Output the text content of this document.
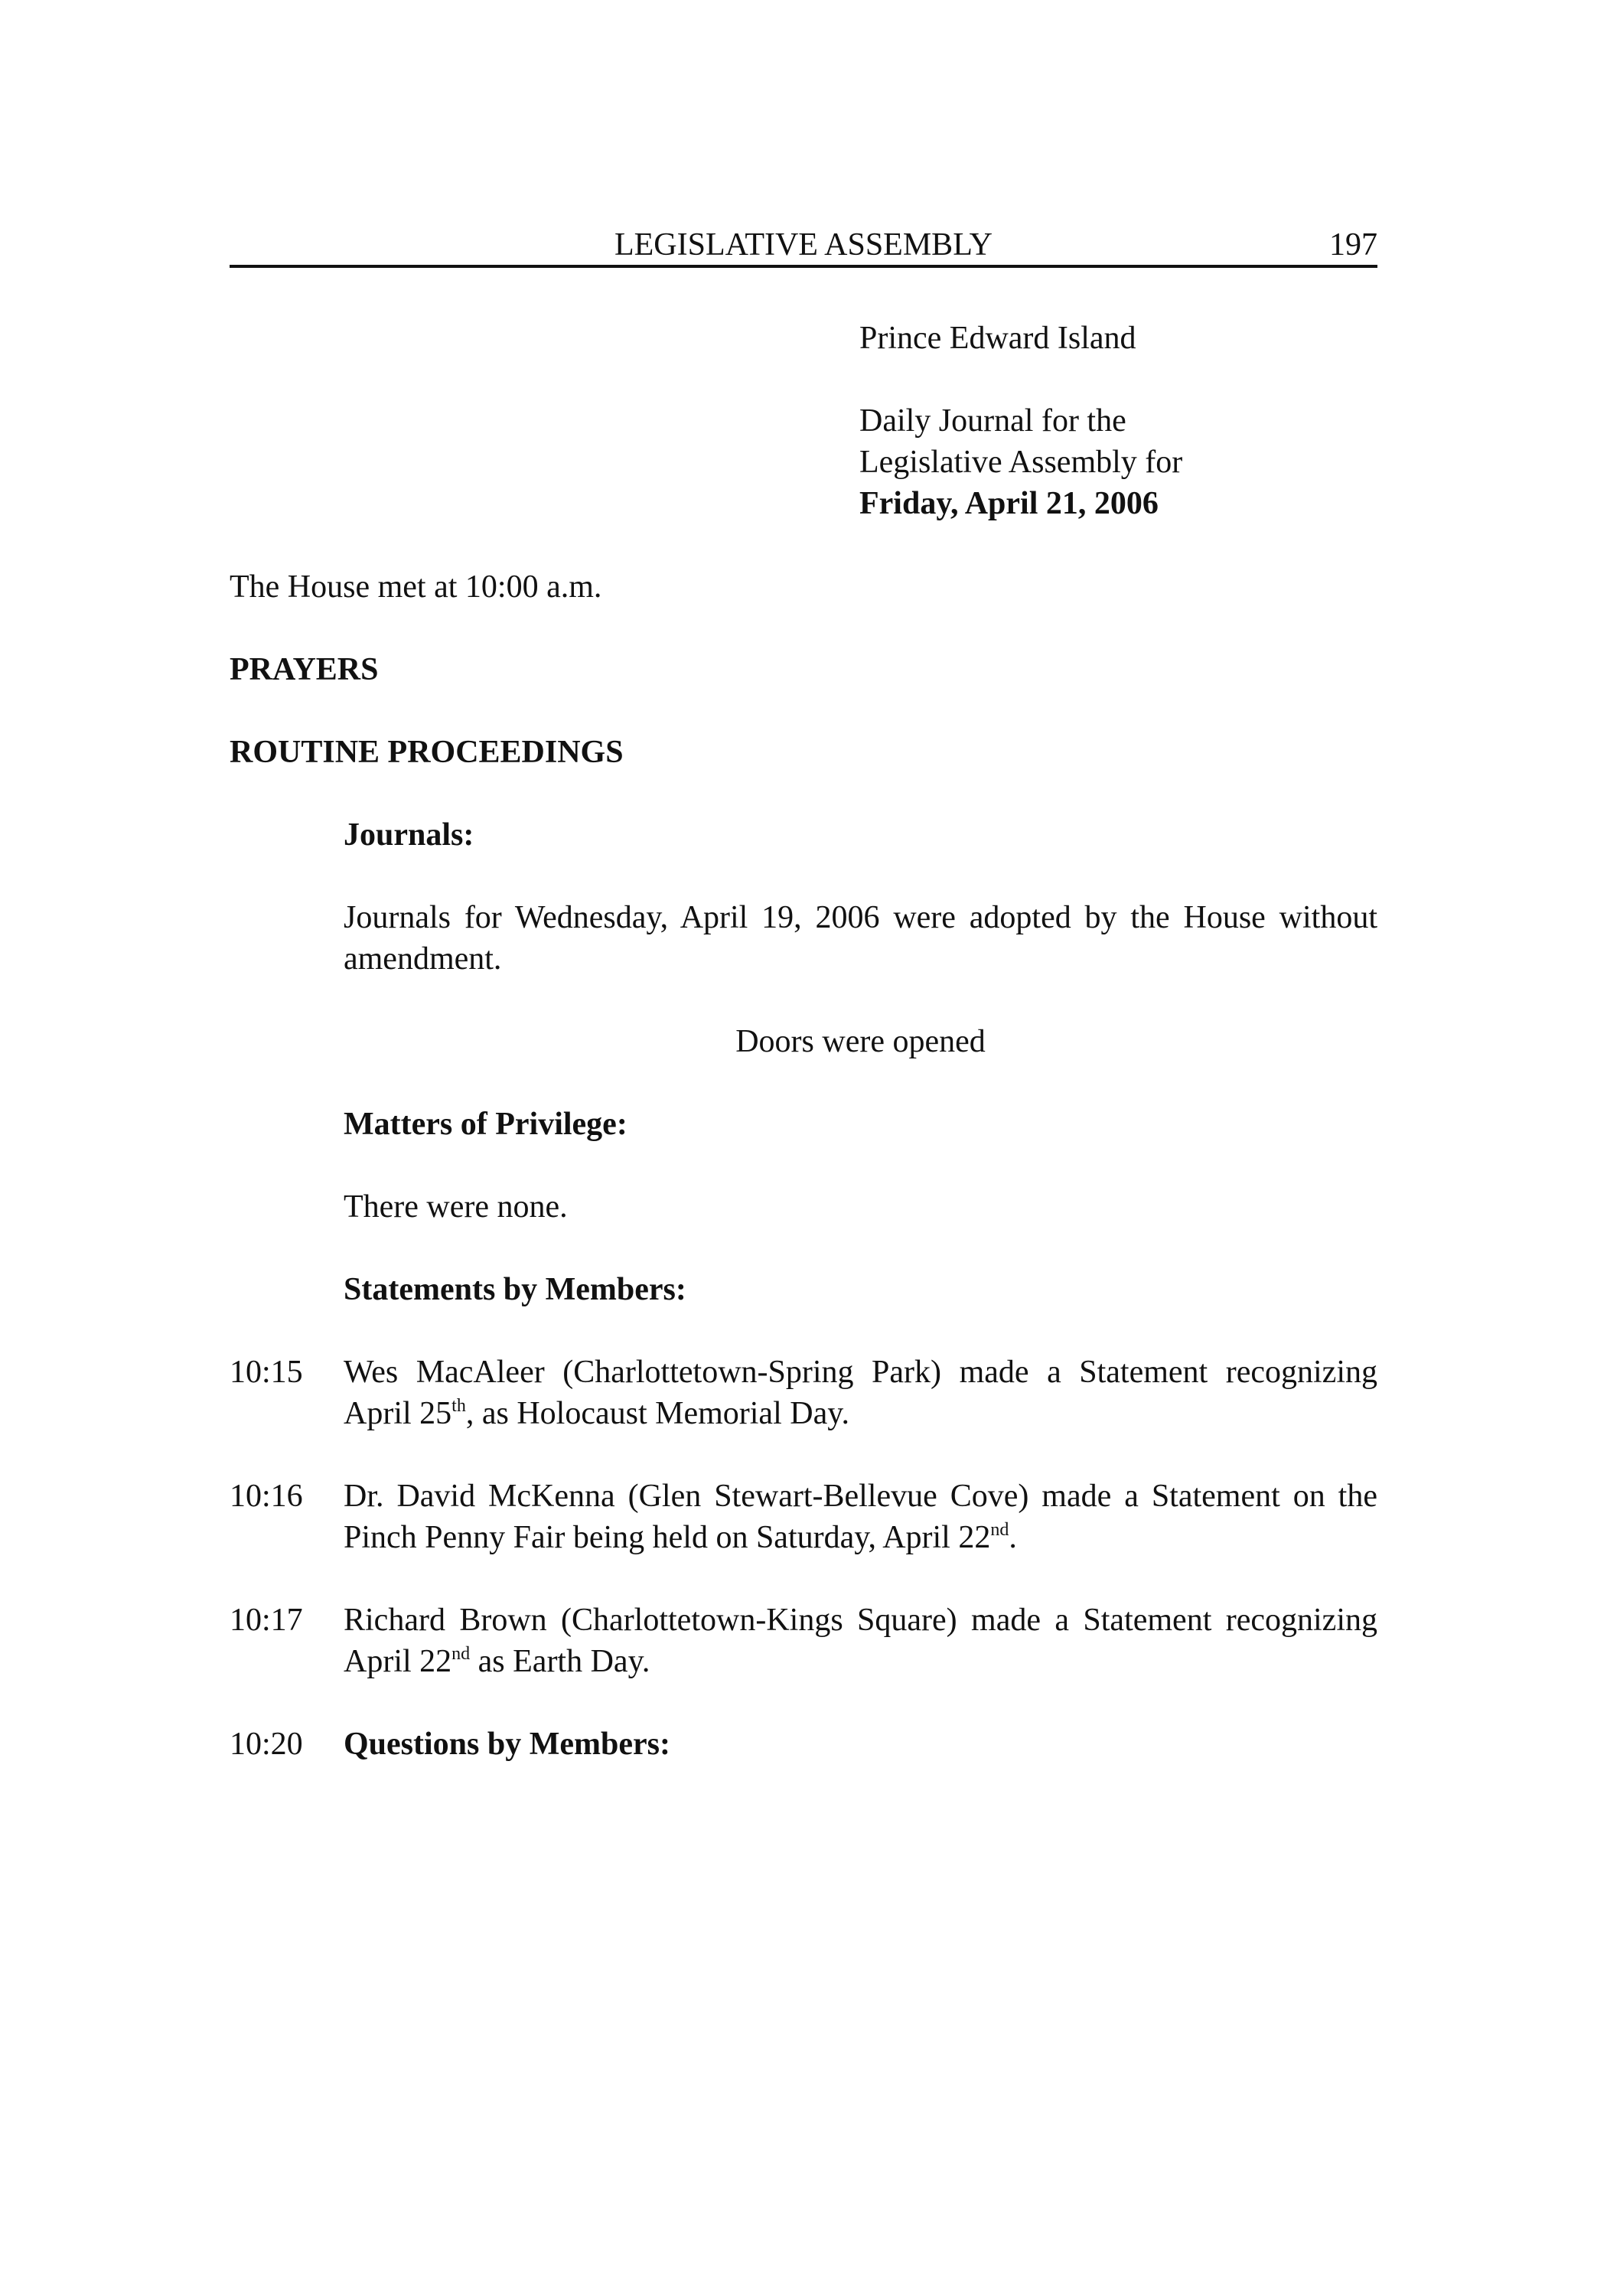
LEGISLATIVE ASSEMBLY	197
Prince Edward Island
Daily Journal for the
Legislative Assembly for
Friday, April 21, 2006
The House met at 10:00 a.m.
PRAYERS
ROUTINE PROCEEDINGS
Journals:
Journals for Wednesday, April 19, 2006 were adopted by the House without amendment.
Doors were opened
Matters of Privilege:
There were none.
Statements by Members:
10:15 Wes MacAleer (Charlottetown-Spring Park) made a Statement recognizing April 25th, as Holocaust Memorial Day.
10:16 Dr. David McKenna (Glen Stewart-Bellevue Cove) made a Statement on the Pinch Penny Fair being held on Saturday, April 22nd.
10:17 Richard Brown (Charlottetown-Kings Square) made a Statement recognizing April 22nd as Earth Day.
10:20 Questions by Members:
